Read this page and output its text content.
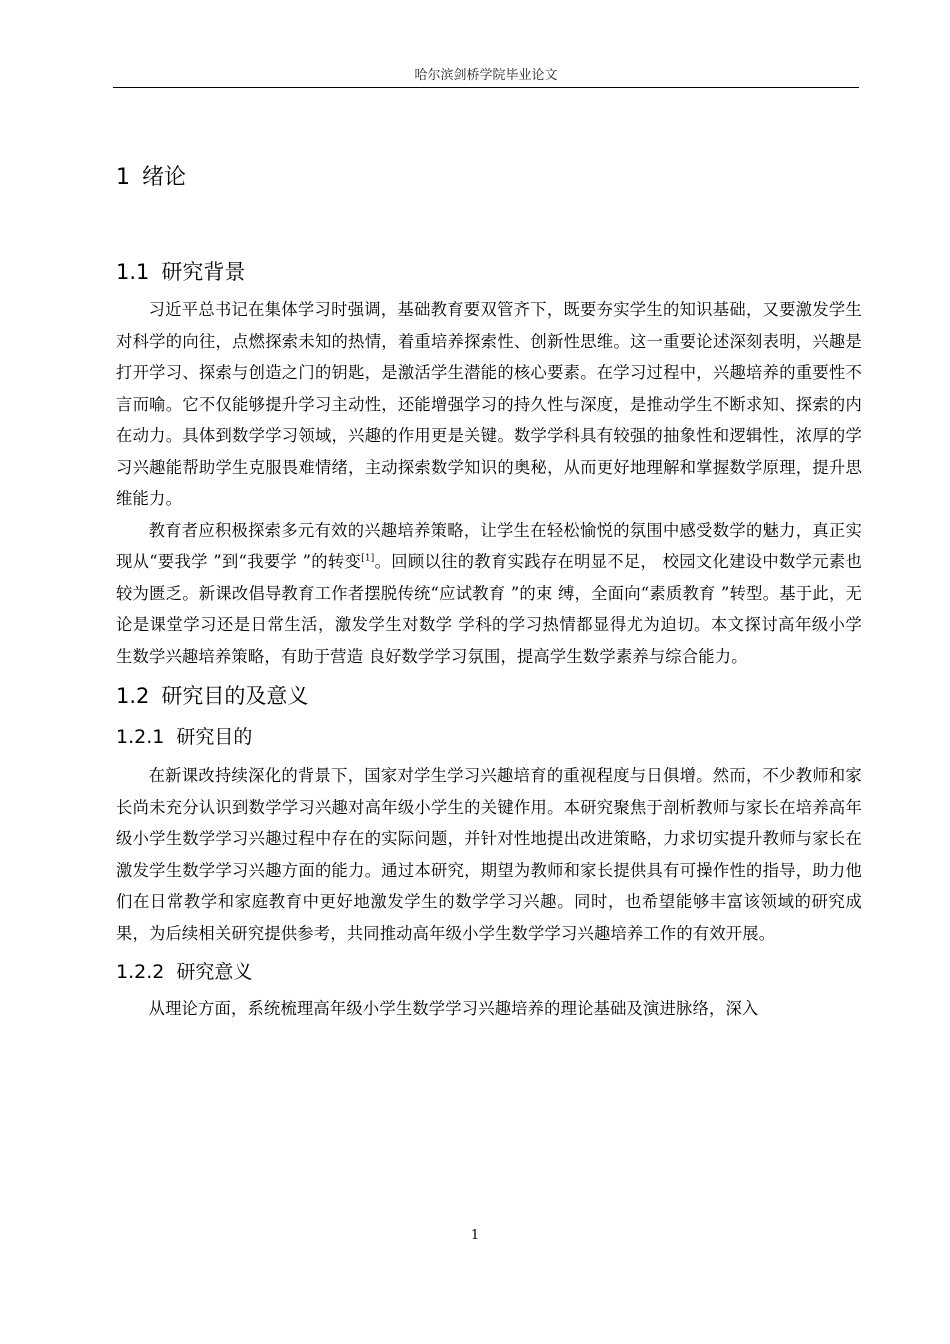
哈尔滨剑桥学院毕业论文
1 绪论
1.1 研究背景

习近平总书记在集体学习时强调，基础教育要双管齐下，既要夯实学生的知识基础，又要激发学生对科学的向往，点燃探索未知的热情，着重培养探索性、创新性思维。这一重要论述深刻表明，兴趣是打开学习、探索与创造之门的钥匙，是激活学生潜能的核心要素。在学习过程中，兴趣培养的重要性不言而喻。它不仅能够提升学习主动性，还能增强学习的持久性与深度，是推动学生不断求知、探索的内在动力。具体到数学学习领域，兴趣的作用更是关键。数学学科具有较强的抽象性和逻辑性，浓厚的学习兴趣能帮助学生克服畏难情绪，主动探索数学知识的奥秘，从而更好地理解和掌握数学原理，提升思维能力。

教育者应积极探索多元有效的兴趣培养策略，让学生在轻松愉悦的氛围中感受数学的魅力，真正实现从“要我学 ”到“我要学 ”的转变[1]。回顾以往的教育实践存在明显不足， 校园文化建设中数学元素也较为匮乏。新课改倡导教育工作者摆脱传统“应试教育 ”的束 缚，全面向“素质教育 ”转型。基于此，无论是课堂学习还是日常生活，激发学生对数学 学科的学习热情都显得尤为迫切。本文探讨高年级小学生数学兴趣培养策略，有助于营造 良好数学学习氛围，提高学生数学素养与综合能力。

1.2 研究目的及意义
1.2.1 研究目的

在新课改持续深化的背景下，国家对学生学习兴趣培育的重视程度与日俱增。然而，不少教师和家长尚未充分认识到数学学习兴趣对高年级小学生的关键作用。本研究聚焦于剖析教师与家长在培养高年级小学生数学学习兴趣过程中存在的实际问题，并针对性地提出改进策略，力求切实提升教师与家长在激发学生数学学习兴趣方面的能力。通过本研究，期望为教师和家长提供具有可操作性的指导，助力他们在日常教学和家庭教育中更好地激发学生的数学学习兴趣。同时，也希望能够丰富该领域的研究成果，为后续相关研究提供参考，共同推动高年级小学生数学学习兴趣培养工作的有效开展。

1.2.2 研究意义

从理论方面，系统梳理高年级小学生数学学习兴趣培养的理论基础及演进脉络，深入

1
